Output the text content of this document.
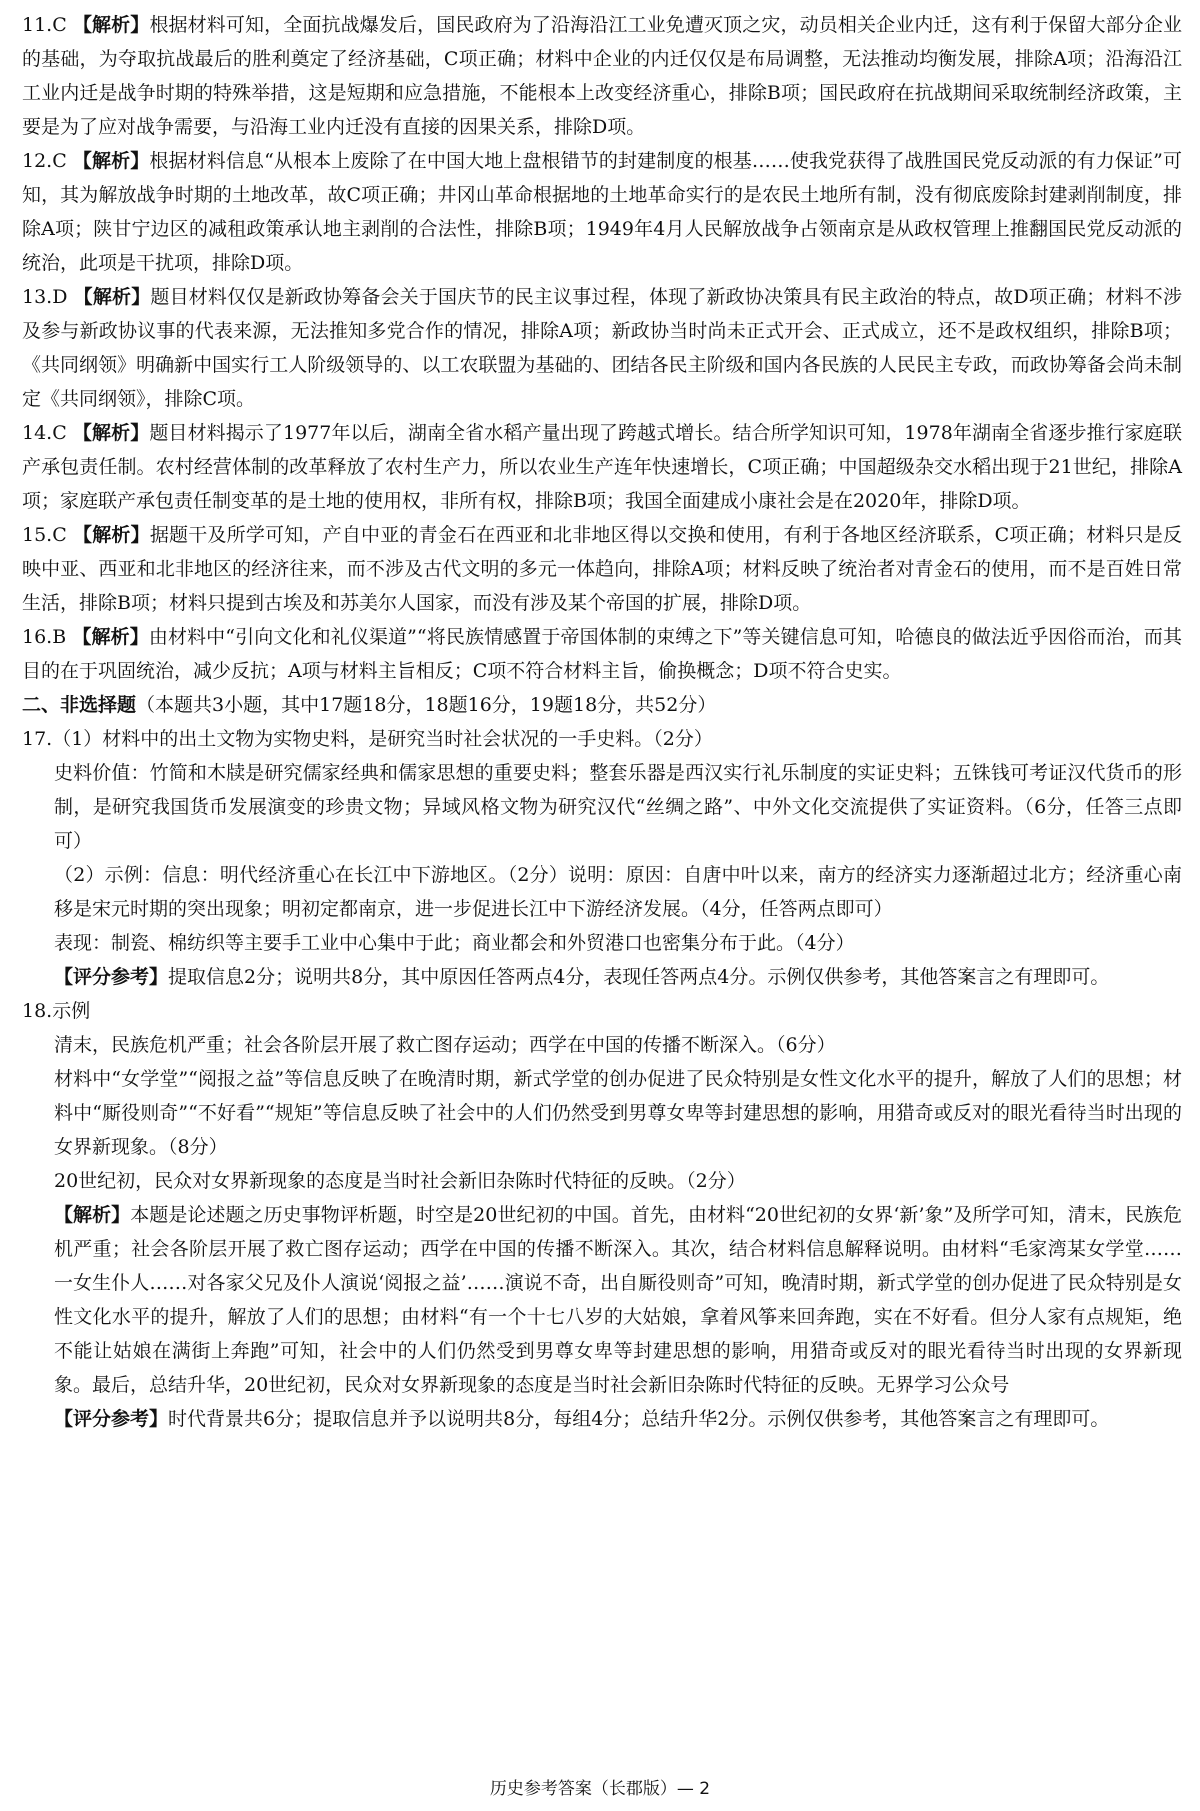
11.C 【解析】根据材料可知，全面抗战爆发后，国民政府为了沿海沿江工业免遭灭顶之灾，动员相关企业内迁，这有利于保留大部分企业的基础，为夺取抗战最后的胜利奠定了经济基础，C项正确；材料中企业的内迁仅仅是布局调整，无法推动均衡发展，排除A项；沿海沿江工业内迁是战争时期的特殊举措，这是短期和应急措施，不能根本上改变经济重心，排除B项；国民政府在抗战期间采取统制经济政策，主要是为了应对战争需要，与沿海工业内迁没有直接的因果关系，排除D项。

12.C 【解析】根据材料信息“从根本上废除了在中国大地上盘根错节的封建制度的根基……使我党获得了战胜国民党反动派的有力保证”可知，其为解放战争时期的土地改革，故C项正确；井冈山革命根据地的土地革命实行的是农民土地所有制，没有彻底废除封建剥削制度，排除A项；陕甘宁边区的减租政策承认地主剥削的合法性，排除B项；1949年4月人民解放战争占领南京是从政权管理上推翻国民党反动派的统治，此项是干扰项，排除D项。

13.D 【解析】题目材料仅仅是新政协筹备会关于国庆节的民主议事过程，体现了新政协决策具有民主政治的特点，故D项正确；材料不涉及参与新政协议事的代表来源，无法推知多党合作的情况，排除A项；新政协当时尚未正式开会、正式成立，还不是政权组织，排除B项；《共同纲领》明确新中国实行工人阶级领导的、以工农联盟为基础的、团结各民主阶级和国内各民族的人民民主专政，而政协筹备会尚未制定《共同纲领》，排除C项。

14.C 【解析】题目材料揭示了1977年以后，湖南全省水稻产量出现了跨越式增长。结合所学知识可知，1978年湖南全省逐步推行家庭联产承包责任制。农村经营体制的改革释放了农村生产力，所以农业生产连年快速增长，C项正确；中国超级杂交水稻出现于21世纪，排除A项；家庭联产承包责任制变革的是土地的使用权，非所有权，排除B项；我国全面建成小康社会是在2020年，排除D项。

15.C 【解析】据题干及所学可知，产自中亚的青金石在西亚和北非地区得以交换和使用，有利于各地区经济联系，C项正确；材料只是反映中亚、西亚和北非地区的经济往来，而不涉及古代文明的多元一体趋向，排除A项；材料反映了统治者对青金石的使用，而不是百姓日常生活，排除B项；材料只提到古埃及和苏美尔人国家，而没有涉及某个帝国的扩展，排除D项。

16.B 【解析】由材料中“引向文化和礼仪渠道”“将民族情感置于帝国体制的束缚之下”等关键信息可知，哈德良的做法近乎因俗而治，而其目的在于巩固统治，减少反抗；A项与材料主旨相反；C项不符合材料主旨，偷换概念；D项不符合史实。

二、非选择题（本题共3小题，其中17题18分，18题16分，19题18分，共52分）

17.（1）材料中的出土文物为实物史料，是研究当时社会状况的一手史料。（2分）

史料价值：竹简和木牍是研究儒家经典和儒家思想的重要史料；整套乐器是西汉实行礼乐制度的实证史料；五铢钱可考证汉代货币的形制，是研究我国货币发展演变的珍贵文物；异域风格文物为研究汉代“丝绸之路”、中外文化交流提供了实证资料。（6分，任答三点即可）

（2）示例：信息：明代经济重心在长江中下游地区。（2分）说明：原因：自唐中叶以来，南方的经济实力逐渐超过北方；经济重心南移是宋元时期的突出现象；明初定都南京，进一步促进长江中下游经济发展。（4分，任答两点即可）

表现：制瓷、棉纺织等主要手工业中心集中于此；商业都会和外贸港口也密集分布于此。（4分）

【评分参考】提取信息2分；说明共8分，其中原因任答两点4分，表现任答两点4分。示例仅供参考，其他答案言之有理即可。

18.示例

清末，民族危机严重；社会各阶层开展了救亡图存运动；西学在中国的传播不断深入。（6分）

材料中“女学堂”“阅报之益”等信息反映了在晚清时期，新式学堂的创办促进了民众特别是女性文化水平的提升，解放了人们的思想；材料中“厮役则奇”“不好看”“规矩”等信息反映了社会中的人们仍然受到男尊女卑等封建思想的影响，用猎奇或反对的眼光看待当时出现的女界新现象。（8分）

20世纪初，民众对女界新现象的态度是当时社会新旧杂陈时代特征的反映。（2分）

【解析】本题是论述题之历史事物评析题，时空是20世纪初的中国。首先，由材料“20世纪初的女界‘新’象”及所学可知，清末，民族危机严重；社会各阶层开展了救亡图存运动；西学在中国的传播不断深入。其次，结合材料信息解释说明。由材料“毛家湾某女学堂……一女生仆人……对各家父兄及仆人演说‘阅报之益’……演说不奇，出自厮役则奇”可知，晚清时期，新式学堂的创办促进了民众特别是女性文化水平的提升，解放了人们的思想；由材料“有一个十七八岁的大姑娘，拿着风筝来回奔跑，实在不好看。但分人家有点规矩，绝不能让姑娘在满街上奔跑”可知，社会中的人们仍然受到男尊女卑等封建思想的影响，用猎奇或反对的眼光看待当时出现的女界新现象。最后，总结升华，20世纪初，民众对女界新现象的态度是当时社会新旧杂陈时代特征的反映。无界学习公众号

【评分参考】时代背景共6分；提取信息并予以说明共8分，每组4分；总结升华2分。示例仅供参考，其他答案言之有理即可。

历史参考答案（长郡版）— 2
